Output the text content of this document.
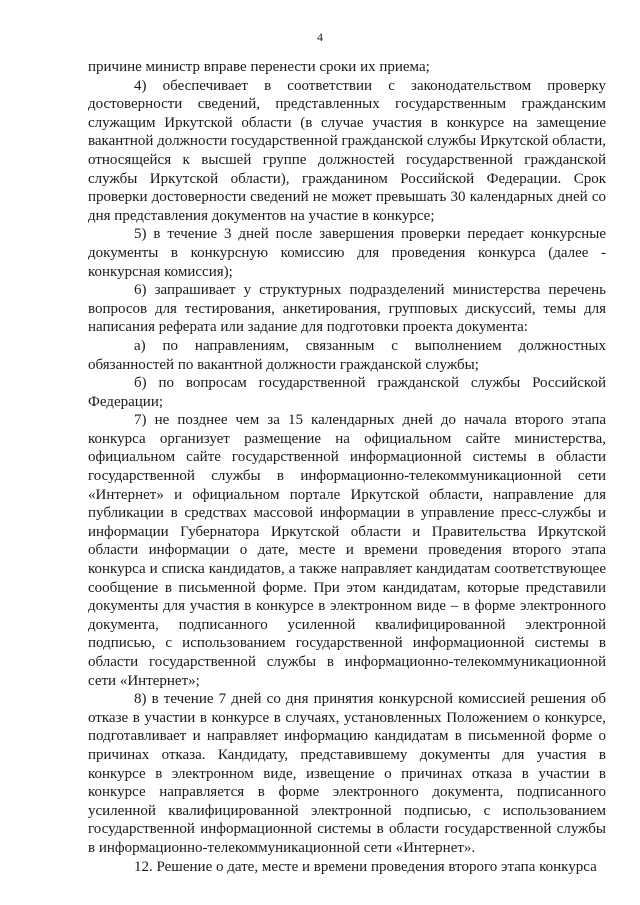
4

причине министр вправе перенести сроки их приема;

4) обеспечивает в соответствии с законодательством проверку достоверности сведений, представленных государственным гражданским служащим Иркутской области (в случае участия в конкурсе на замещение вакантной должности государственной гражданской службы Иркутской области, относящейся к высшей группе должностей государственной гражданской службы Иркутской области), гражданином Российской Федерации. Срок проверки достоверности сведений не может превышать 30 календарных дней со дня представления документов на участие в конкурсе;

5) в течение 3 дней после завершения проверки передает конкурсные документы в конкурсную комиссию для проведения конкурса (далее - конкурсная комиссия);

6) запрашивает у структурных подразделений министерства перечень вопросов для тестирования, анкетирования, групповых дискуссий, темы для написания реферата или задание для подготовки проекта документа:

а) по направлениям, связанным с выполнением должностных обязанностей по вакантной должности гражданской службы;

б) по вопросам государственной гражданской службы Российской Федерации;

7) не позднее чем за 15 календарных дней до начала второго этапа конкурса организует размещение на официальном сайте министерства, официальном сайте государственной информационной системы в области государственной службы в информационно-телекоммуникационной сети «Интернет» и официальном портале Иркутской области, направление для публикации в средствах массовой информации в управление пресс-службы и информации Губернатора Иркутской области и Правительства Иркутской области информации о дате, месте и времени проведения второго этапа конкурса и списка кандидатов, а также направляет кандидатам соответствующее сообщение в письменной форме. При этом кандидатам, которые представили документы для участия в конкурсе в электронном виде – в форме электронного документа, подписанного усиленной квалифицированной электронной подписью, с использованием государственной информационной системы в области государственной службы в информационно-телекоммуникационной сети «Интернет»;

8) в течение 7 дней со дня принятия конкурсной комиссией решения об отказе в участии в конкурсе в случаях, установленных Положением о конкурсе, подготавливает и направляет информацию кандидатам в письменной форме о причинах отказа. Кандидату, представившему документы для участия в конкурсе в электронном виде, извещение о причинах отказа в участии в конкурсе направляется в форме электронного документа, подписанного усиленной квалифицированной электронной подписью, с использованием государственной информационной системы в области государственной службы в информационно-телекоммуникационной сети «Интернет».

12. Решение о дате, месте и времени проведения второго этапа конкурса
